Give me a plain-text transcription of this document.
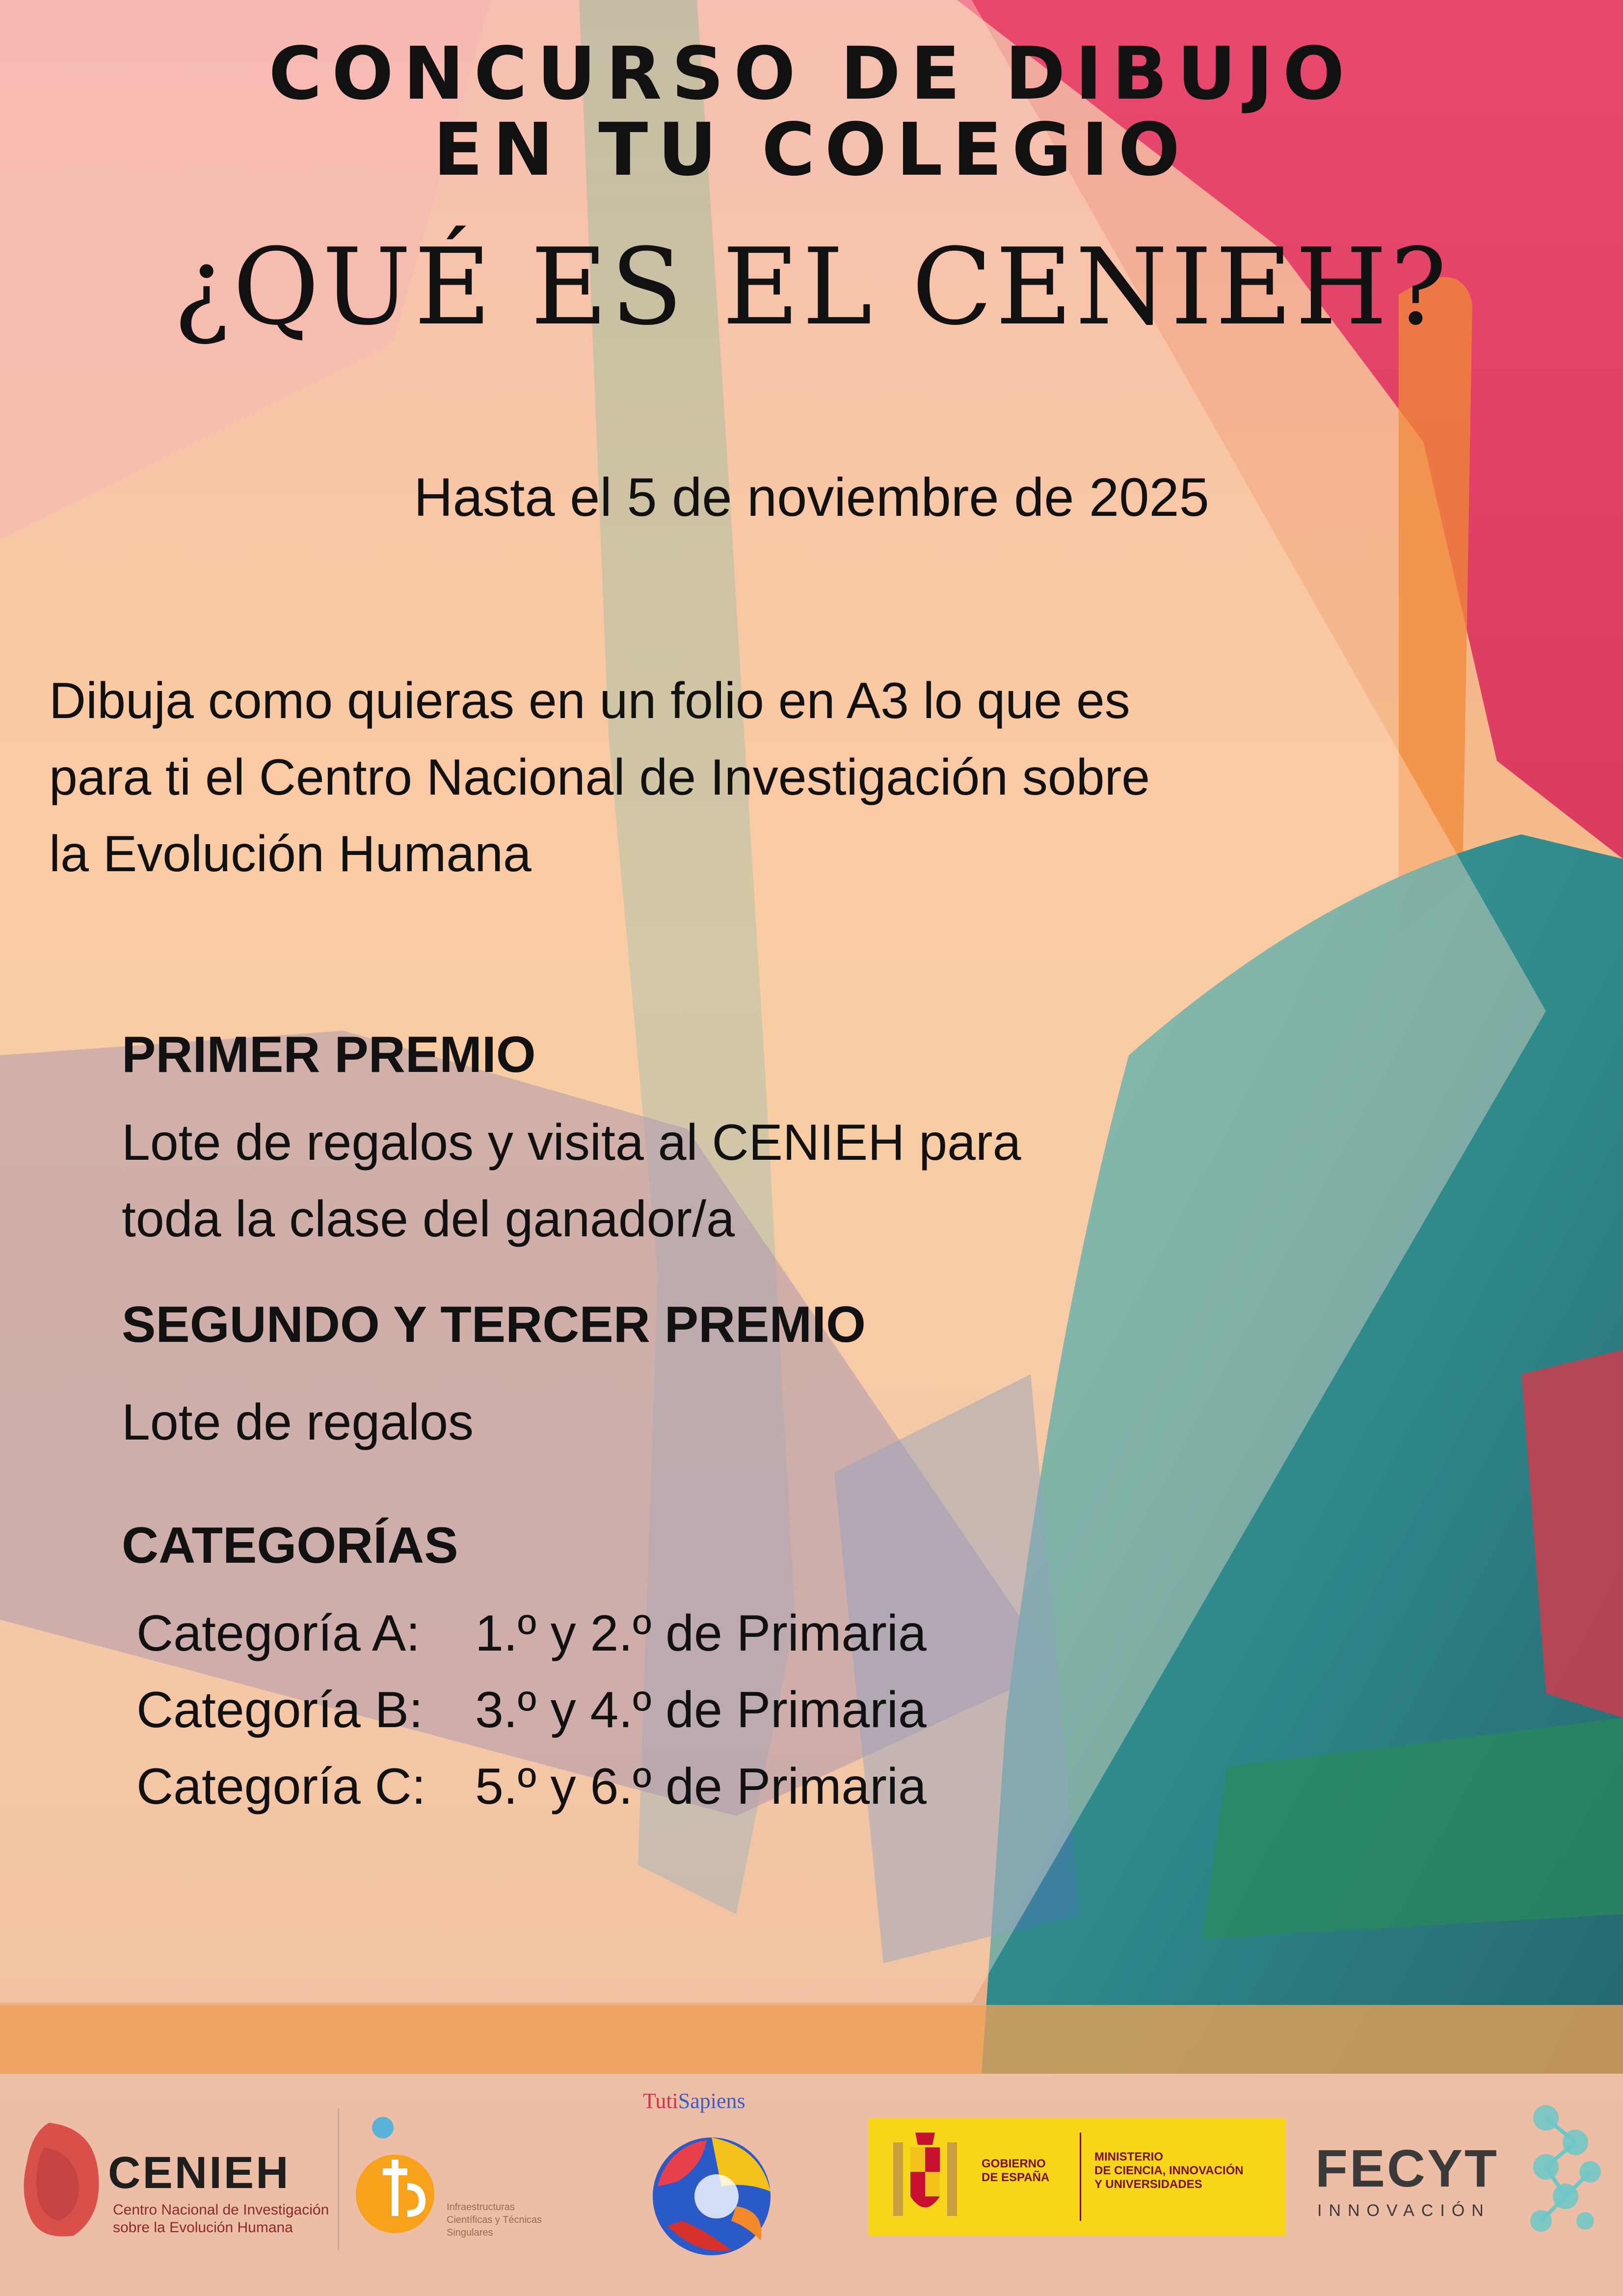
CONCURSO DE DIBUJO
EN TU COLEGIO
¿QUÉ ES EL CENIEH?
Hasta el 5 de noviembre de 2025
Dibuja como quieras en un folio en A3 lo que es
para ti el Centro Nacional de Investigación sobre
la Evolución Humana
PRIMER PREMIO
Lote de regalos y visita al CENIEH para
toda la clase del ganador/a
SEGUNDO Y TERCER PREMIO
Lote de regalos
CATEGORÍAS
Categoría A: 1.º y 2.º de Primaria
Categoría B: 3.º y 4.º de Primaria
Categoría C: 5.º y 6.º de Primaria
CENIEH
Centro Nacional de Investigación
sobre la Evolución Humana
Infraestructuras
Científicas y Técnicas
Singulares
TutiSapiens
GOBIERNO
DE ESPAÑA
MINISTERIO
DE CIENCIA, INNOVACIÓN
Y UNIVERSIDADES FECYT
INNOVACIÓN
